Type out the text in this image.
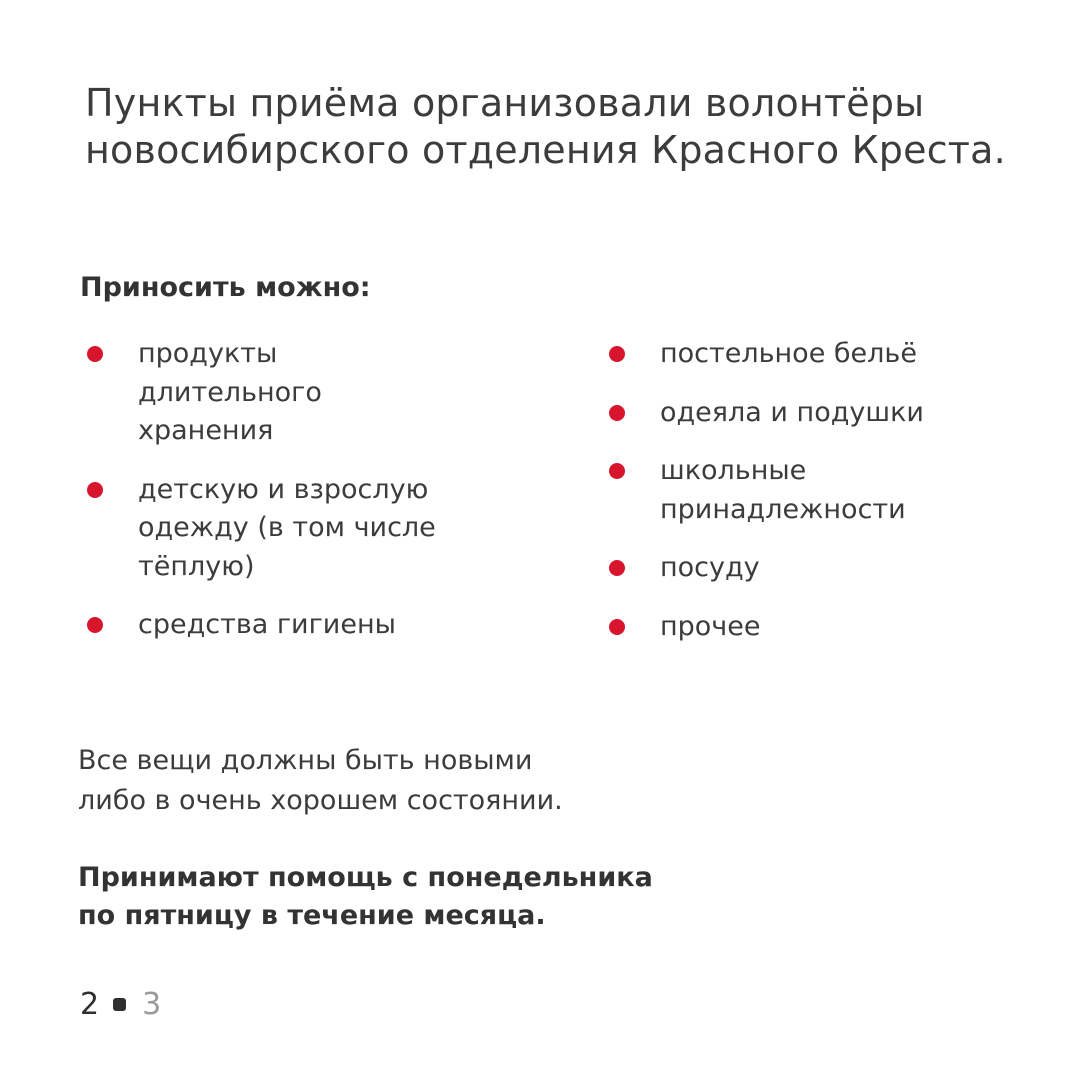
Пункты приёма организовали волонтёры
новосибирского отделения Красного Креста.
Приносить можно:
продукты
длительного
хранения
детскую и взрослую
одежду (в том числе
тёплую)
средства гигиены
постельное бельё
одеяла и подушки
школьные
принадлежности
посуду
прочее

Все вещи должны быть новыми
либо в очень хорошем состоянии.

Принимают помощь с понедельника
по пятницу в течение месяца.

2 3
